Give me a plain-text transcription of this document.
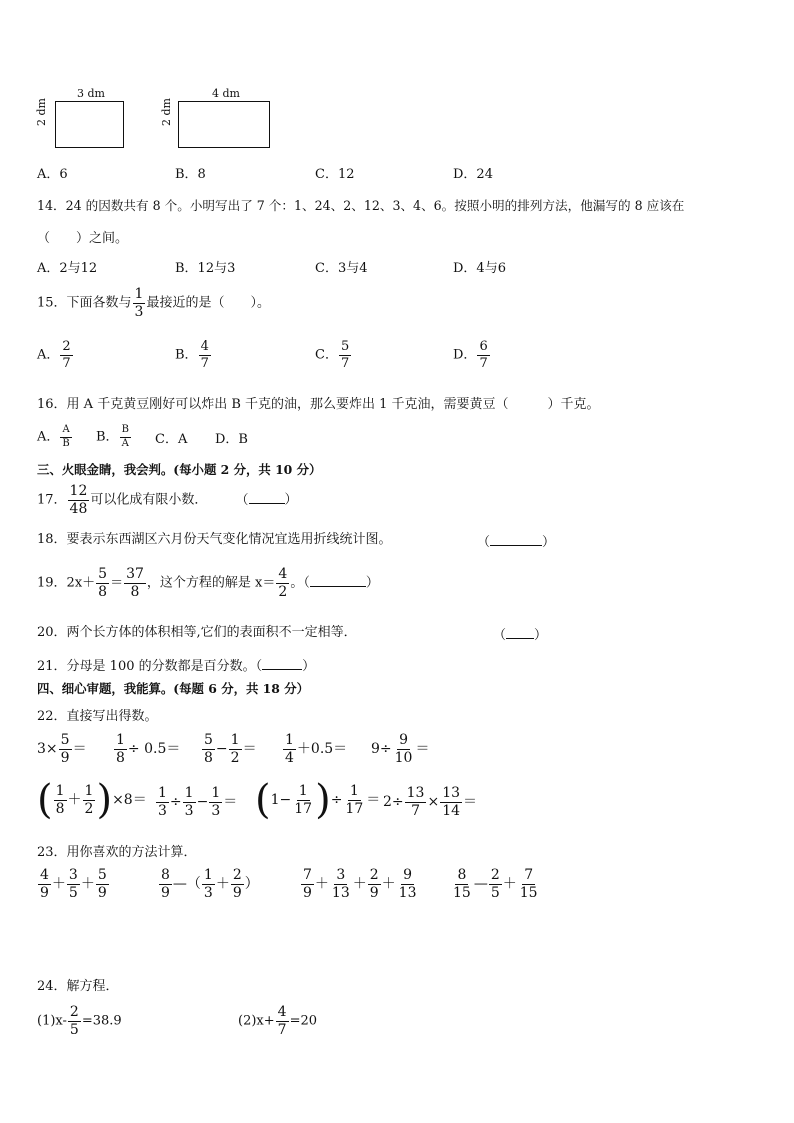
3 dm
2 dm
4 dm
2 dm
A．6	B．8	C．12	D．24
14．24 的因数共有 8 个。小明写出了 7 个：1、24、2、12、3、4、6。按照小明的排列方法，他漏写的 8 应该在
（　　）之间。
A．2与12	B．12与3	C．3与4	D．4与6
15．下面各数与 $\frac{1}{3}$ 最接近的是（　　）。
A． $\frac{2}{7}$	B． $\frac{4}{7}$	C． $\frac{5}{7}$	D． $\frac{6}{7}$
16．用 A 千克黄豆刚好可以炸出 B 千克的油，那么要炸出 1 千克油，需要黄豆（　　　）千克。
A． $\frac{A}{B}$ B． $\frac{B}{A}$ C．A D．B
三、火眼金睛，我会判。(每小题 2 分，共 10 分）
17． $\frac{12}{48}$ 可以化成有限小数． （	）
18．要表示东西湖区六月份天气变化情况宜选用折线统计图。	（	）
19．$2x+ \frac{5}{8} = \frac{37}{8}$ ，这个方程的解是 $x= \frac{4}{2}$ 。（	）
20．两个长方体的体积相等,它们的表面积不一定相等．	（ ）
21．分母是 100 的分数都是百分数。（	）
四、细心审题，我能算。(每题 6 分，共 18 分）
22．直接写出得数。
$3\times \frac{5}{9} = \frac{1}{8} \div 0.5= \frac{5}{8} - \frac{1}{2} = \frac{1}{4} +0.5= 9\div \frac{9}{10}$ ＝
( $\frac{1}{8} + \frac{1}{2} )\times 8= \frac{1}{3} \div \frac{1}{3} - \frac{1}{3} = (1- \frac{1}{17}$ )÷ $\frac{1}{17} = 2\div \frac{13}{7} \times \frac{13}{14}$ ＝
23．用你喜欢的方法计算．
$\frac{4}{9} + \frac{3}{5} + \frac{5}{9}$	$\frac{8}{9}$ —（ $\frac{1}{3} + \frac{2}{9}$ ）	$\frac{7}{9} + \frac{3}{13} + \frac{2}{9} + \frac{9}{13} \frac{8}{15}$ — $\frac{2}{5} + \frac{7}{15}$
24．解方程．
$(1)x- \frac{2}{5} =38.9$	$(2)x+ \frac{4}{7} =20$
